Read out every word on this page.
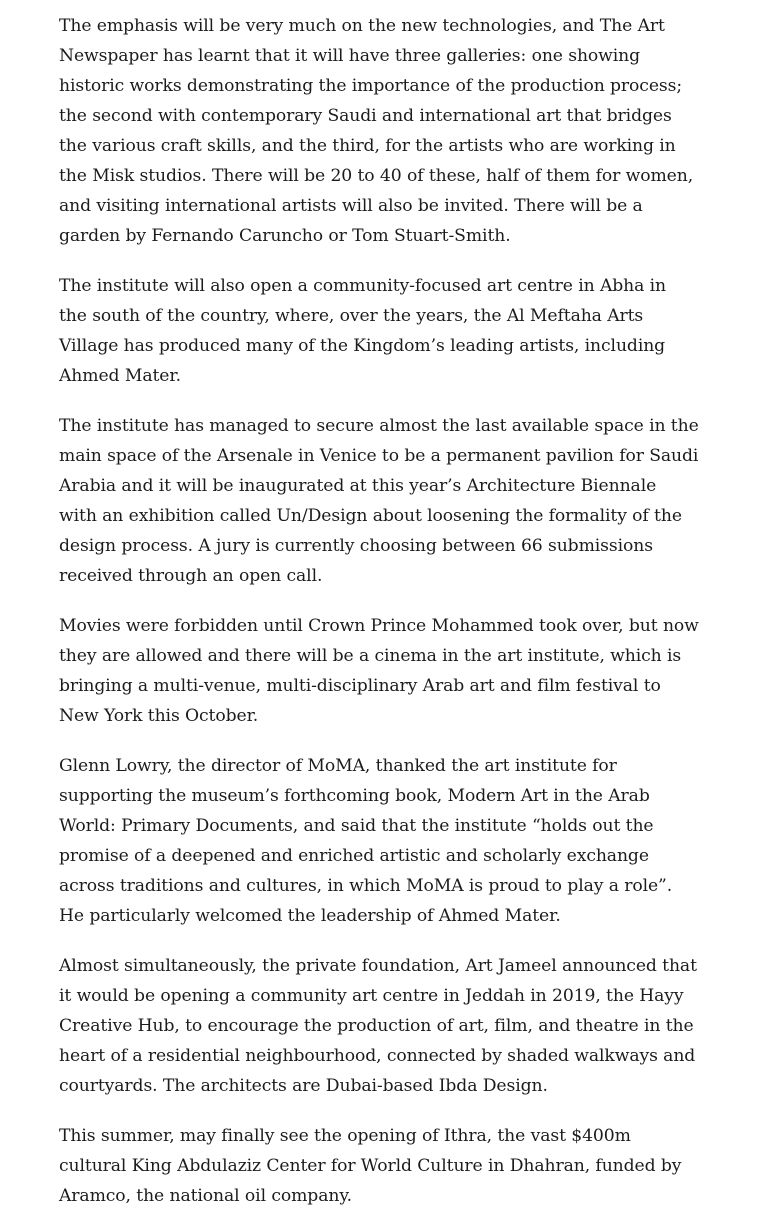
The emphasis will be very much on the new technologies, and The Art Newspaper has learnt that it will have three galleries: one showing historic works demonstrating the importance of the production process; the second with contemporary Saudi and international art that bridges the various craft skills, and the third, for the artists who are working in the Misk studios. There will be 20 to 40 of these, half of them for women, and visiting international artists will also be invited. There will be a garden by Fernando Caruncho or Tom Stuart-Smith.

The institute will also open a community-focused art centre in Abha in the south of the country, where, over the years, the Al Meftaha Arts Village has produced many of the Kingdom’s leading artists, including Ahmed Mater.

The institute has managed to secure almost the last available space in the main space of the Arsenale in Venice to be a permanent pavilion for Saudi Arabia and it will be inaugurated at this year’s Architecture Biennale with an exhibition called Un/Design about loosening the formality of the design process. A jury is currently choosing between 66 submissions received through an open call.

Movies were forbidden until Crown Prince Mohammed took over, but now they are allowed and there will be a cinema in the art institute, which is bringing a multi-venue, multi-disciplinary Arab art and film festival to New York this October.

Glenn Lowry, the director of MoMA, thanked the art institute for supporting the museum’s forthcoming book, Modern Art in the Arab World: Primary Documents, and said that the institute “holds out the promise of a deepened and enriched artistic and scholarly exchange across traditions and cultures, in which MoMA is proud to play a role”. He particularly welcomed the leadership of Ahmed Mater.

Almost simultaneously, the private foundation, Art Jameel announced that it would be opening a community art centre in Jeddah in 2019, the Hayy Creative Hub, to encourage the production of art, film, and theatre in the heart of a residential neighbourhood, connected by shaded walkways and courtyards. The architects are Dubai-based Ibda Design.

This summer, may finally see the opening of Ithra, the vast $400m cultural King Abdulaziz Center for World Culture in Dhahran, funded by Aramco, the national oil company.
